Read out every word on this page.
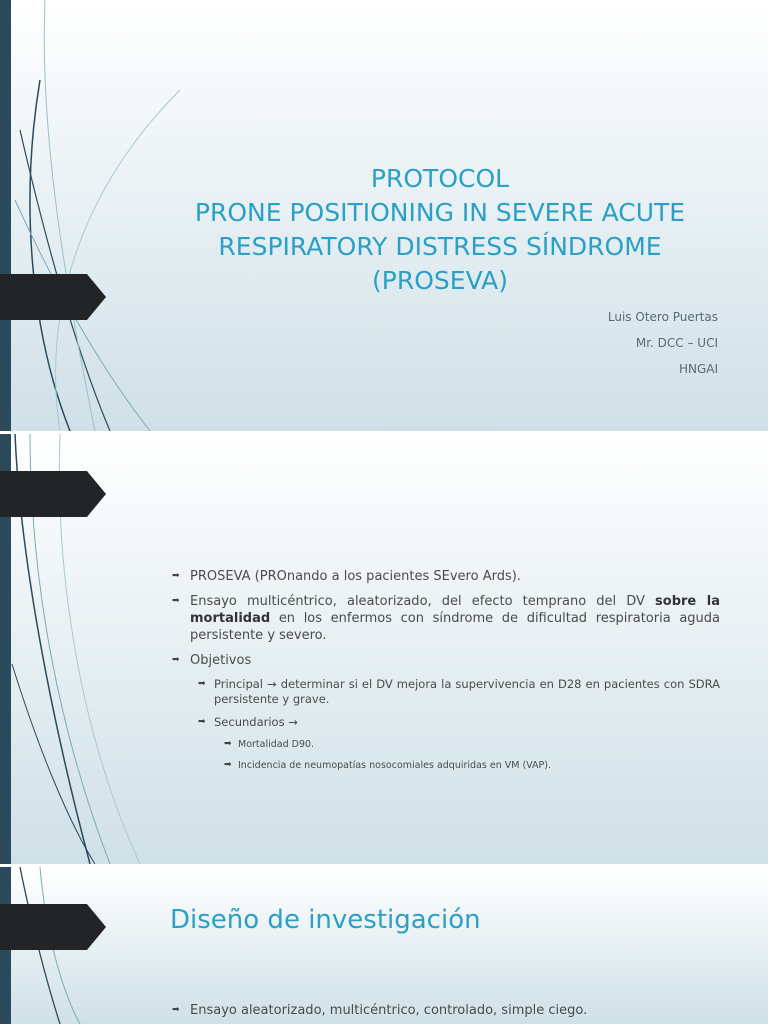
PROTOCOL
PRONE POSITIONING IN SEVERE ACUTE
RESPIRATORY DISTRESS SÍNDROME
(PROSEVA)
Luis Otero Puertas
Mr. DCC – UCI
HNGAI
➡ PROSEVA (PROnando a los pacientes SEvero Ards).
➡ Ensayo multicéntrico, aleatorizado, del efecto temprano del DV sobre la mortalidad en los enfermos con síndrome de dificultad respiratoria aguda persistente y severo.
➡ Objetivos
➡ Principal → determinar si el DV mejora la supervivencia en D28 en pacientes con SDRA persistente y grave.
➡ Secundarios →
➡ Mortalidad D90.
➡ Incidencia de neumopatías nosocomiales adquiridas en VM (VAP).
Diseño de investigación
➡ Ensayo aleatorizado, multicéntrico, controlado, simple ciego.
